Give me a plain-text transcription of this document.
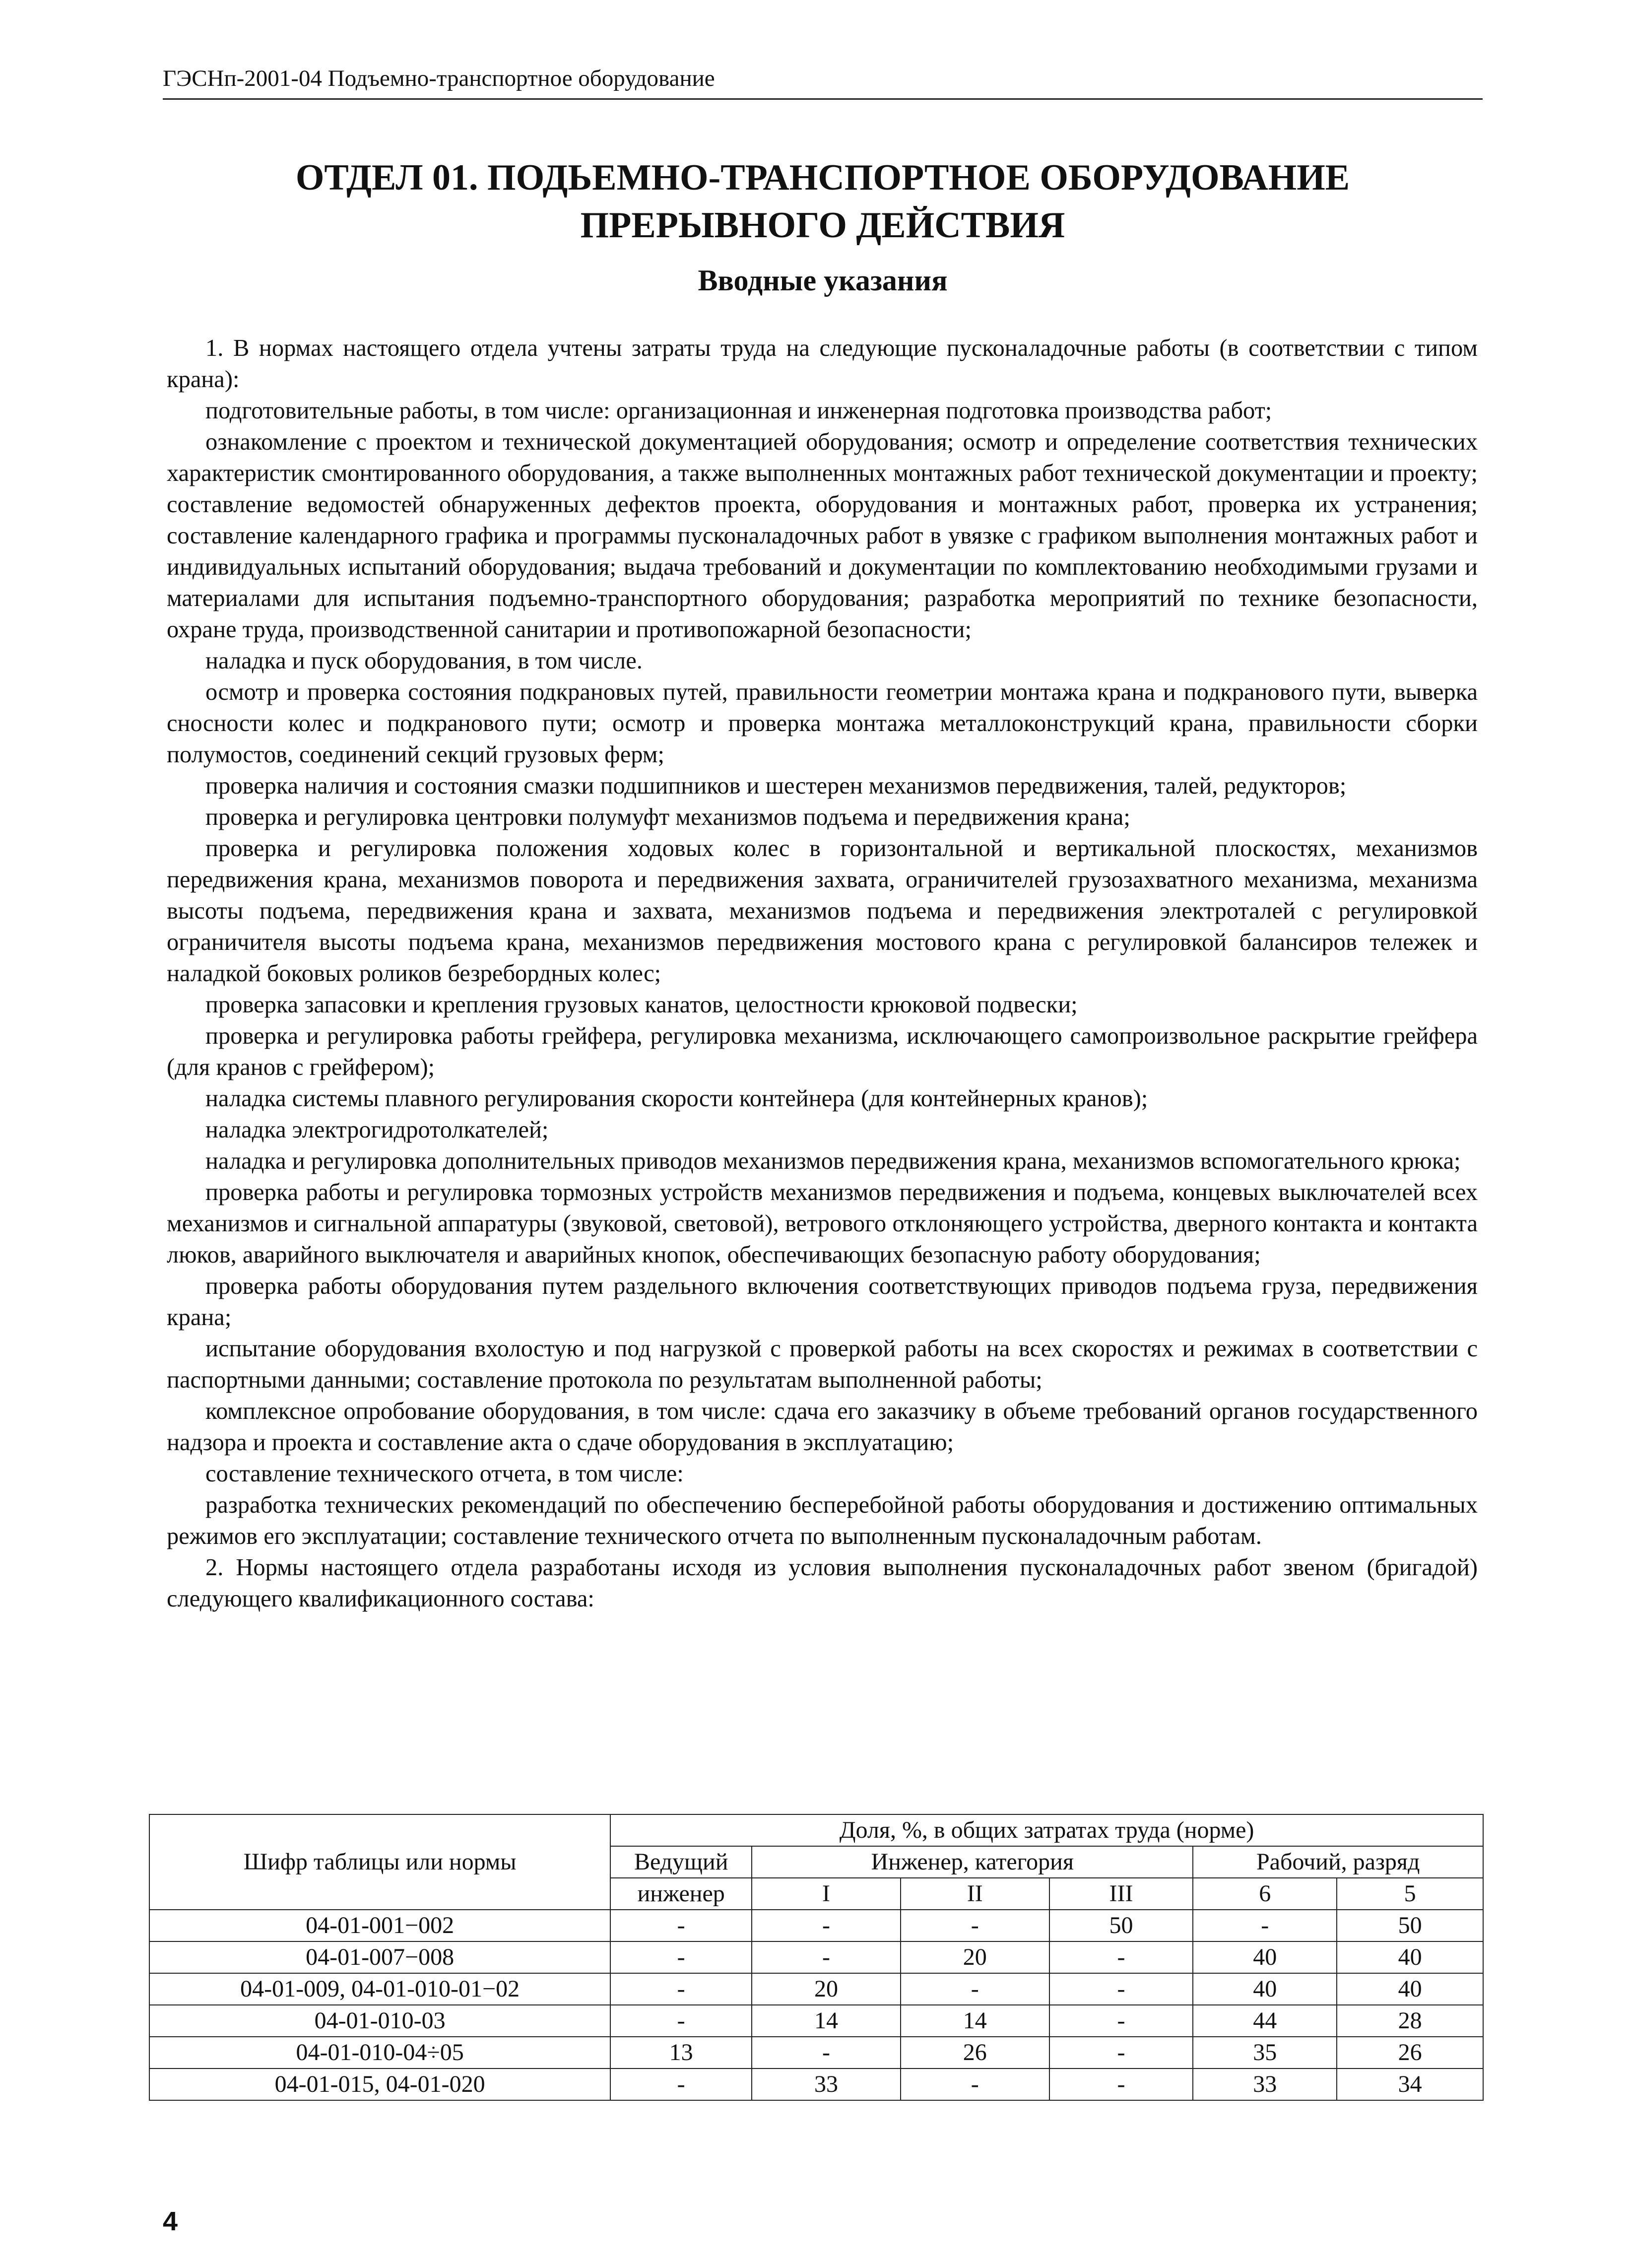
ГЭСНп-2001-04 Подъемно-транспортное оборудование
ОТДЕЛ 01. ПОДЬЕМНО-ТРАНСПОРТНОЕ ОБОРУДОВАНИЕ
ПРЕРЫВНОГО ДЕЙСТВИЯ
Вводные указания

1. В нормах настоящего отдела учтены затраты труда на следующие пусконаладочные работы (в соответствии с типом крана):

подготовительные работы, в том числе: организационная и инженерная подготовка производства работ;

ознакомление с проектом и технической документацией оборудования; осмотр и определение соответствия технических характеристик смонтированного оборудования, а также выполненных монтажных работ технической документации и проекту; составление ведомостей обнаруженных дефектов проекта, оборудования и монтажных работ, проверка их устранения; составление календарного графика и программы пусконаладочных работ в увязке с графиком выполнения монтажных работ и индивидуальных испытаний оборудования; выдача требований и документации по комплектованию необходимыми грузами и материалами для испытания подъемно-транспортного оборудования; разработка мероприятий по технике безопасности, охране труда, производственной санитарии и противопожарной безопасности;

наладка и пуск оборудования, в том числе.

осмотр и проверка состояния подкрановых путей, правильности геометрии монтажа крана и подкранового пути, выверка сносности колес и подкранового пути; осмотр и проверка монтажа металлоконструкций крана, правильности сборки полумостов, соединений секций грузовых ферм;

проверка наличия и состояния смазки подшипников и шестерен механизмов передвижения, талей, редукторов;

проверка и регулировка центровки полумуфт механизмов подъема и передвижения крана;

проверка и регулировка положения ходовых колес в горизонтальной и вертикальной плоскостях, механизмов передвижения крана, механизмов поворота и передвижения захвата, ограничителей грузозахватного механизма, механизма высоты подъема, передвижения крана и захвата, механизмов подъема и передвижения электроталей с регулировкой ограничителя высоты подъема крана, механизмов передвижения мостового крана с регулировкой балансиров тележек и наладкой боковых роликов безребордных колес;

проверка запасовки и крепления грузовых канатов, целостности крюковой подвески;

проверка и регулировка работы грейфера, регулировка механизма, исключающего самопроизвольное раскрытие грейфера (для кранов с грейфером);

наладка системы плавного регулирования скорости контейнера (для контейнерных кранов);

наладка электрогидротолкателей;

наладка и регулировка дополнительных приводов механизмов передвижения крана, механизмов вспомогательного крюка;

проверка работы и регулировка тормозных устройств механизмов передвижения и подъема, концевых выключателей всех механизмов и сигнальной аппаратуры (звуковой, световой), ветрового отклоняющего устройства, дверного контакта и контакта люков, аварийного выключателя и аварийных кнопок, обеспечивающих безопасную работу оборудования;

проверка работы оборудования путем раздельного включения соответствующих приводов подъема груза, передвижения крана;

испытание оборудования вхолостую и под нагрузкой с проверкой работы на всех скоростях и режимах в соответствии с паспортными данными; составление протокола по результатам выполненной работы;

комплексное опробование оборудования, в том числе: сдача его заказчику в объеме требований органов государственного надзора и проекта и составление акта о сдаче оборудования в эксплуатацию;

составление технического отчета, в том числе:

разработка технических рекомендаций по обеспечению бесперебойной работы оборудования и достижению оптимальных режимов его эксплуатации; составление технического отчета по выполненным пусконаладочным работам.

2. Нормы настоящего отдела разработаны исходя из условия выполнения пусконаладочных работ звеном (бригадой) следующего квалификационного состава:

Шифр таблицы или нормы	Доля, %, в общих затратах труда (норме)					
	Ведущий	Инженер, категория			Рабочий, разряд	
	инженер	I	II	III	6	5
04-01-001−002	-	-	-	50	-	50
04-01-007−008	-	-	20	-	40	40
04-01-009, 04-01-010-01−02	-	20	-	-	40	40
04-01-010-03	-	14	14	-	44	28
04-01-010-04÷05	13	-	26	-	35	26
04-01-015, 04-01-020	-	33	-	-	33	34
4
